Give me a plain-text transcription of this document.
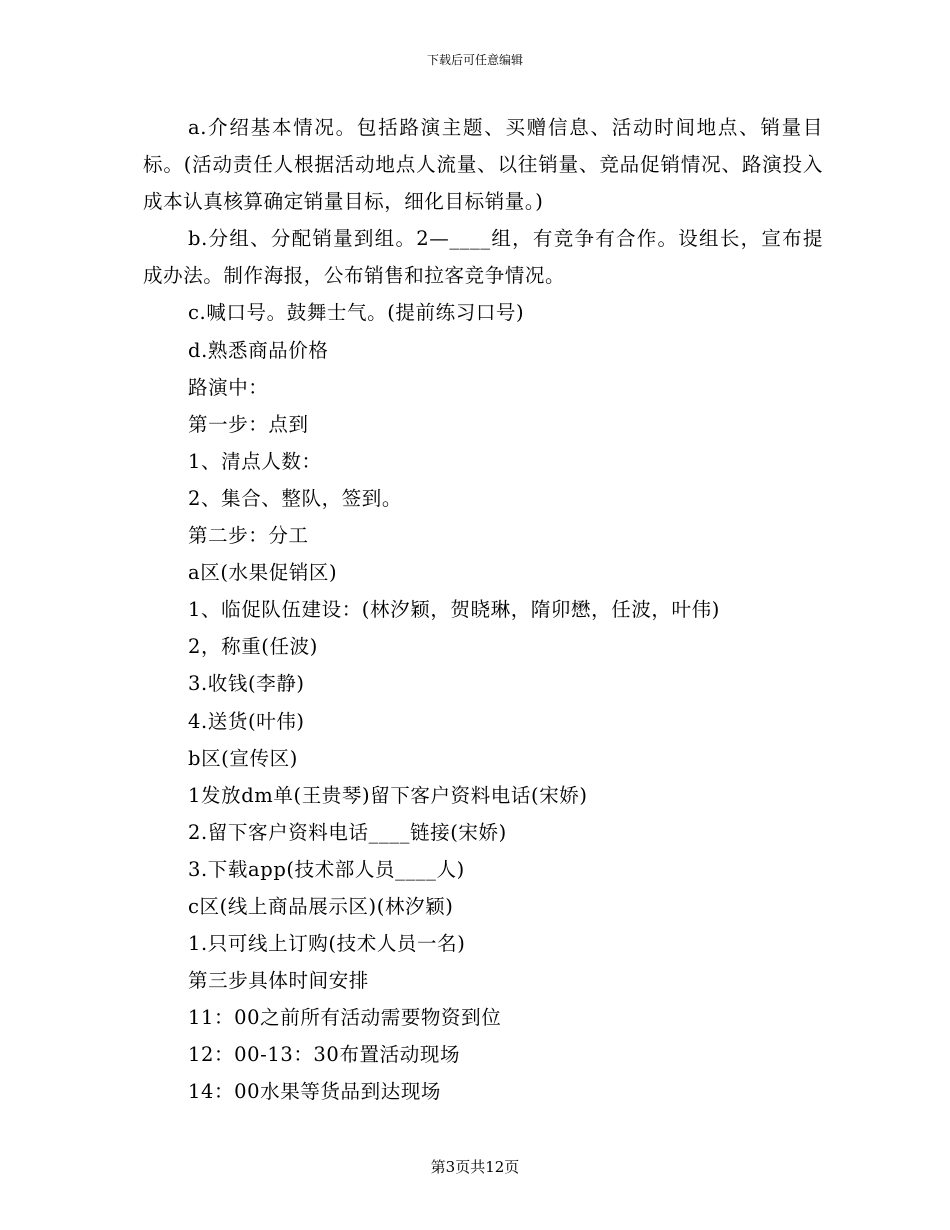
下载后可任意编辑

a.介绍基本情况。包括路演主题、买赠信息、活动时间地点、销量目标。(活动责任人根据活动地点人流量、以往销量、竞品促销情况、路演投入成本认真核算确定销量目标，细化目标销量。)

b.分组、分配销量到组。2—____组，有竞争有合作。设组长，宣布提成办法。制作海报，公布销售和拉客竞争情况。

c.喊口号。鼓舞士气。(提前练习口号)

d.熟悉商品价格

路演中：

第一步：点到

1、清点人数：

2、集合、整队，签到。

第二步：分工

a区(水果促销区)

1、临促队伍建设：(林汐颖，贺晓琳，隋卯懋，任波，叶伟)

2，称重(任波)

3.收钱(李静)

4.送货(叶伟)

b区(宣传区)

1发放dm单(王贵琴)留下客户资料电话(宋娇)

2.留下客户资料电话____链接(宋娇)

3.下载app(技术部人员____人)

c区(线上商品展示区)(林汐颖)

1.只可线上订购(技术人员一名)

第三步具体时间安排

11：00之前所有活动需要物资到位

12：00-13：30布置活动现场

14：00水果等货品到达现场

第3页共12页
